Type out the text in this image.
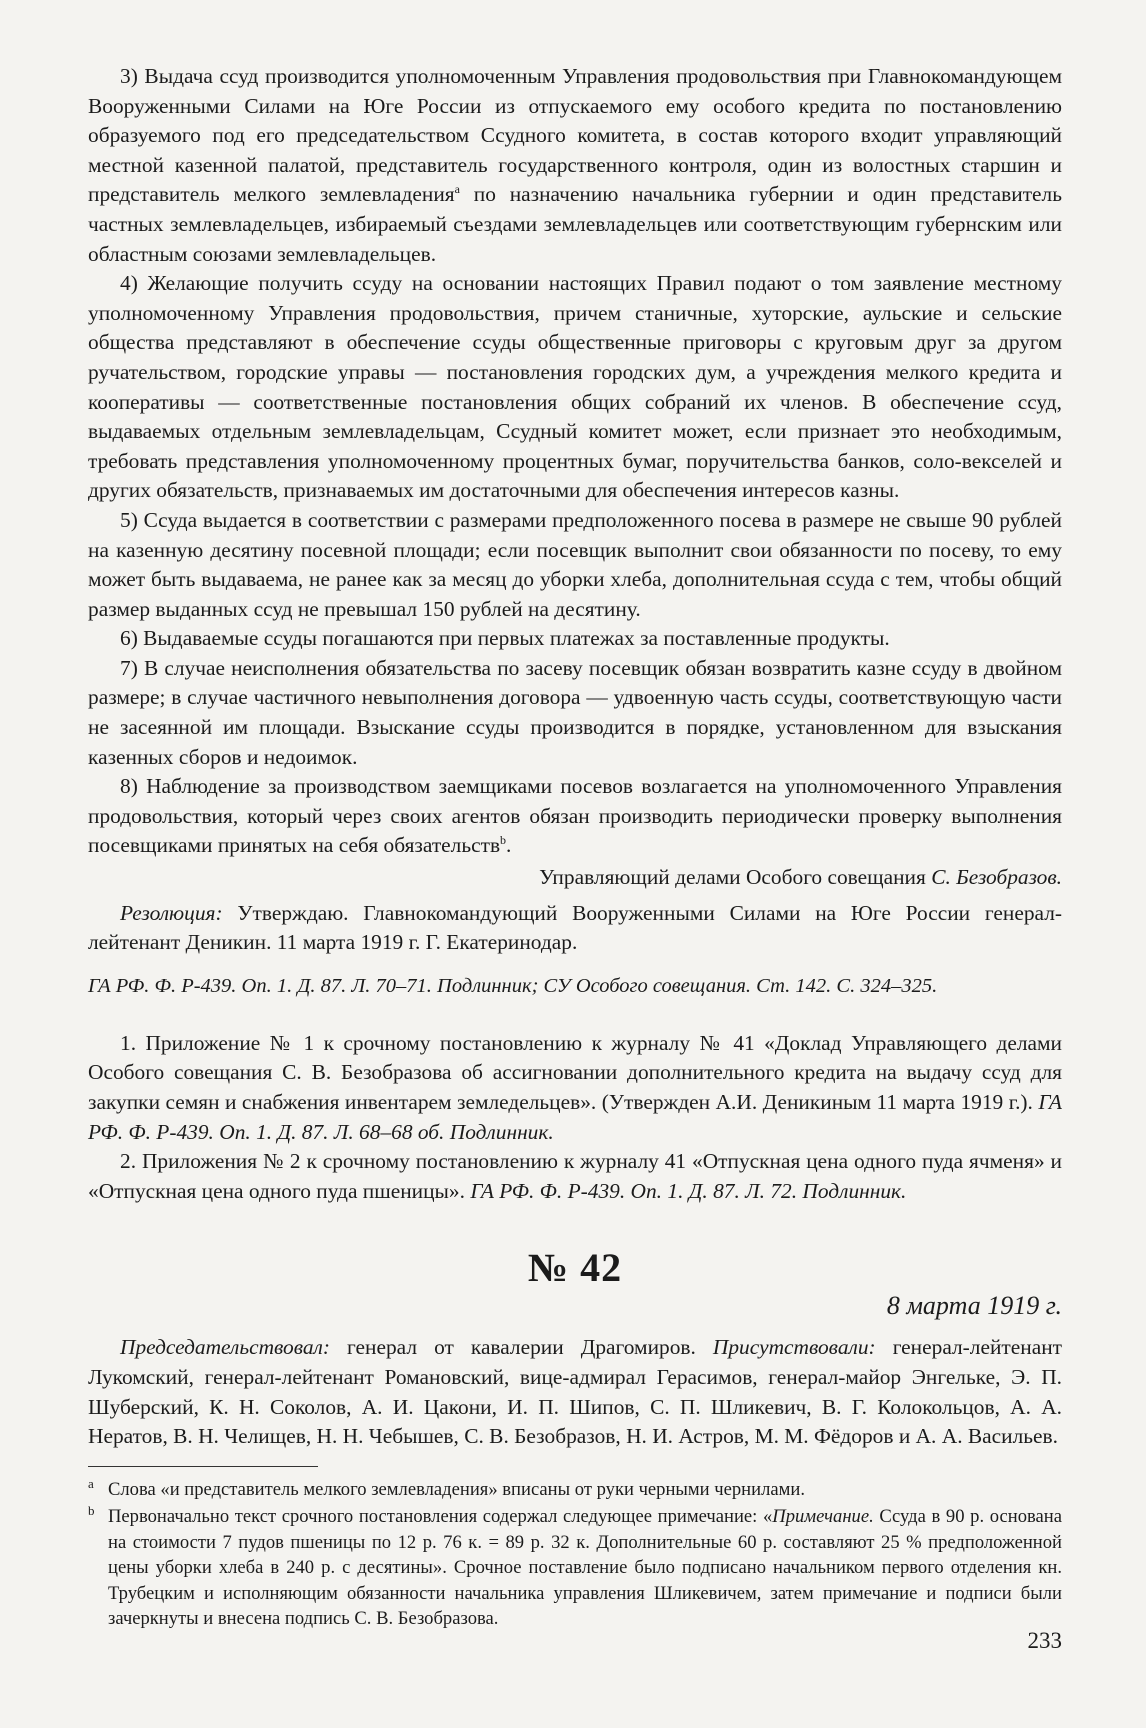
3) Выдача ссуд производится уполномоченным Управления продовольствия при Главнокомандующем Вооруженными Силами на Юге России из отпускаемого ему особого кредита по постановлению образуемого под его председательством Ссудного комитета, в состав которого входит управляющий местной казенной палатой, представитель государственного контроля, один из волостных старшин и представитель мелкого землевладения$^a$ по назначению начальника губернии и один представитель частных землевладельцев, избираемый съездами землевладельцев или соответствующим губернским или областным союзами землевладельцев.

4) Желающие получить ссуду на основании настоящих Правил подают о том заявление местному уполномоченному Управления продовольствия, причем станичные, хуторские, аульские и сельские общества представляют в обеспечение ссуды общественные приговоры с круговым друг за другом ручательством, городские управы — постановления городских дум, а учреждения мелкого кредита и кооперативы — соответственные постановления общих собраний их членов. В обеспечение ссуд, выдаваемых отдельным землевладельцам, Ссудный комитет может, если признает это необходимым, требовать представления уполномоченному процентных бумаг, поручительства банков, соло-векселей и других обязательств, признаваемых им достаточными для обеспечения интересов казны.

5) Ссуда выдается в соответствии с размерами предположенного посева в размере не свыше 90 рублей на казенную десятину посевной площади; если посевщик выполнит свои обязанности по посеву, то ему может быть выдаваема, не ранее как за месяц до уборки хлеба, дополнительная ссуда с тем, чтобы общий размер выданных ссуд не превышал 150 рублей на десятину.

6) Выдаваемые ссуды погашаются при первых платежах за поставленные продукты.

7) В случае неисполнения обязательства по засеву посевщик обязан возвратить казне ссуду в двойном размере; в случае частичного невыполнения договора — удвоенную часть ссуды, соответствующую части не засеянной им площади. Взыскание ссуды производится в порядке, установленном для взыскания казенных сборов и недоимок.

8) Наблюдение за производством заемщиками посевов возлагается на уполномоченного Управления продовольствия, который через своих агентов обязан производить периодически проверку выполнения посевщиками принятых на себя обязательств$^b$.

Управляющий делами Особого совещания С. Безобразов.

Резолюция: Утверждаю. Главнокомандующий Вооруженными Силами на Юге России генерал-лейтенант Деникин. 11 марта 1919 г. Г. Екатеринодар.

ГА РФ. Ф. Р-439. Оп. 1. Д. 87. Л. 70–71. Подлинник; СУ Особого совещания. Ст. 142. С. 324–325.

1. Приложение № 1 к срочному постановлению к журналу № 41 «Доклад Управляющего делами Особого совещания С. В. Безобразова об ассигновании дополнительного кредита на выдачу ссуд для закупки семян и снабжения инвентарем земледельцев». (Утвержден А.И. Деникиным 11 марта 1919 г.). ГА РФ. Ф. Р-439. Оп. 1. Д. 87. Л. 68–68 об. Подлинник.

2. Приложения № 2 к срочному постановлению к журналу 41 «Отпускная цена одного пуда ячменя» и «Отпускная цена одного пуда пшеницы». ГА РФ. Ф. Р-439. Оп. 1. Д. 87. Л. 72. Подлинник.

№ 42
8 марта 1919 г.

Председательствовал: генерал от кавалерии Драгомиров. Присутствовали: генерал-лейтенант Лукомский, генерал-лейтенант Романовский, вице-адмирал Герасимов, генерал-майор Энгельке, Э. П. Шуберский, К. Н. Соколов, А. И. Цакони, И. П. Шипов, С. П. Шликевич, В. Г. Колокольцов, А. А. Нератов, В. Н. Челищев, Н. Н. Чебышев, С. В. Безобразов, Н. И. Астров, М. М. Фёдоров и А. А. Васильев.

a Слова «и представитель мелкого землевладения» вписаны от руки черными чернилами.

b Первоначально текст срочного постановления содержал следующее примечание: «Примечание. Ссуда в 90 р. основана на стоимости 7 пудов пшеницы по 12 р. 76 к. = 89 р. 32 к. Дополнительные 60 р. составляют 25 % предположенной цены уборки хлеба в 240 р. с десятины». Срочное поставление было подписано начальником первого отделения кн. Трубецким и исполняющим обязанности начальника управления Шликевичем, затем примечание и подписи были зачеркнуты и внесена подпись С. В. Безобразова.

233
